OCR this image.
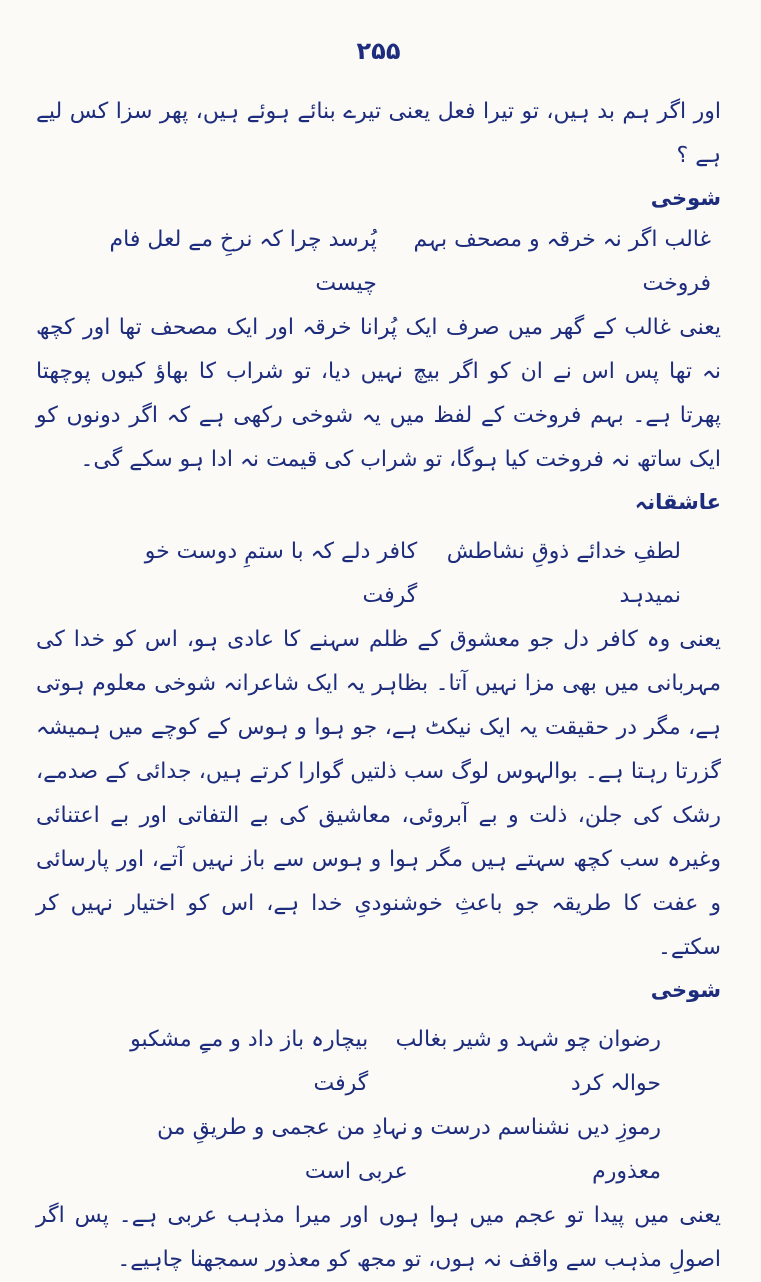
۲۵۵

اور اگر ہم بد ہیں، تو تیرا فعل یعنی تیرے بنائے ہوئے ہیں، پھر سزا کس لیے ہے ؟

شوخی

غالب اگر نہ خرقہ و مصحف بہم فروخت
پُرسد چرا کہ نرخِ مے لعل فام چیست

یعنی غالب کے گھر میں صرف ایک پُرانا خرقہ اور ایک مصحف تھا اور کچھ نہ تھا پس اس نے ان کو اگر بیچ نہیں دیا، تو شراب کا بھاؤ کیوں پوچھتا پھرتا ہے۔ بہم فروخت کے لفظ میں یہ شوخی رکھی ہے کہ اگر دونوں کو ایک ساتھ نہ فروخت کیا ہوگا، تو شراب کی قیمت نہ ادا ہو سکے گی۔

عاشقانہ

لطفِ خدائے ذوقِ نشاطش نمیدہد
کافر دلے کہ با ستمِ دوست خو گرفت

یعنی وہ کافر دل جو معشوق کے ظلم سہنے کا عادی ہو، اس کو خدا کی مہربانی میں بھی مزا نہیں آتا۔ بظاہر یہ ایک شاعرانہ شوخی معلوم ہوتی ہے، مگر در حقیقت یہ ایک نیکٹ ہے، جو ہوا و ہوس کے کوچے میں ہمیشہ گزرتا رہتا ہے۔ بوالہوس لوگ سب ذلتیں گوارا کرتے ہیں، جدائی کے صدمے، رشک کی جلن، ذلت و بے آبروئی، معاشیق کی بے التفاتی اور بے اعتنائی وغیرہ سب کچھ سہتے ہیں مگر ہوا و ہوس سے باز نہیں آتے، اور پارسائی و عفت کا طریقہ جو باعثِ خوشنودیِ خدا ہے، اس کو اختیار نہیں کر سکتے۔

شوخی

رضوان چو شہد و شیر بغالب حوالہ کرد
بیچارہ باز داد و مےِ مشکبو گرفت
رموزِ دیں نشناسم درست و معذورم
نہادِ من عجمی و طریقِ من عربی است

یعنی میں پیدا تو عجم میں ہوا ہوں اور میرا مذہب عربی ہے۔ پس اگر اصولِ مذہب سے واقف نہ ہوں، تو مجھ کو معذور سمجھنا چاہیے۔
